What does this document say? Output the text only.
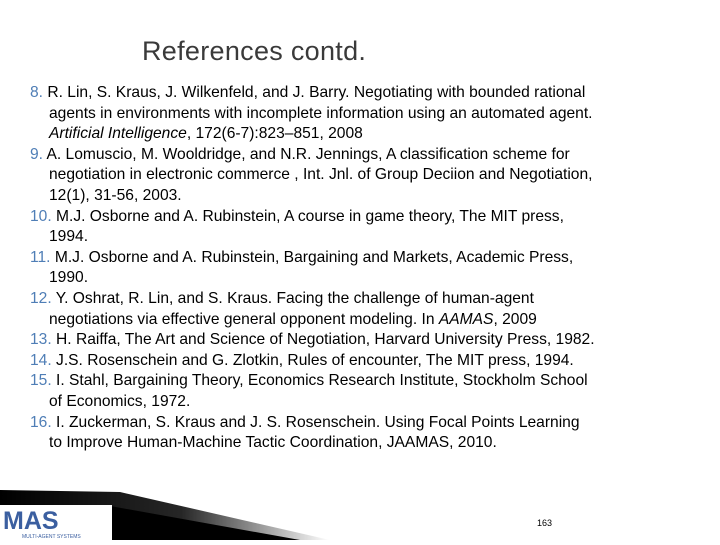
References contd.
8. R. Lin, S. Kraus, J. Wilkenfeld, and J. Barry. Negotiating with bounded rational
agents in environments with incomplete information using an automated agent.
Artificial Intelligence, 172(6-7):823–851, 2008
9. A. Lomuscio, M. Wooldridge, and N.R. Jennings, A classification scheme for
negotiation in electronic commerce , Int. Jnl. of Group Deciion and Negotiation,
12(1), 31-56, 2003.
10. M.J. Osborne and A. Rubinstein, A course in game theory, The MIT press,
1994.
11. M.J. Osborne and A. Rubinstein, Bargaining and Markets, Academic Press,
1990.
12. Y. Oshrat, R. Lin, and S. Kraus. Facing the challenge of human-agent
negotiations via effective general opponent modeling. In AAMAS, 2009
13. H. Raiffa, The Art and Science of Negotiation, Harvard University Press, 1982.
14. J.S. Rosenschein and G. Zlotkin, Rules of encounter, The MIT press, 1994.
15. I. Stahl, Bargaining Theory, Economics Research Institute, Stockholm School
of Economics, 1972.
16. I. Zuckerman, S. Kraus and J. S. Rosenschein. Using Focal Points Learning
to Improve Human-Machine Tactic Coordination, JAAMAS, 2010.
MAS
MULTI-AGENT SYSTEMS
163
